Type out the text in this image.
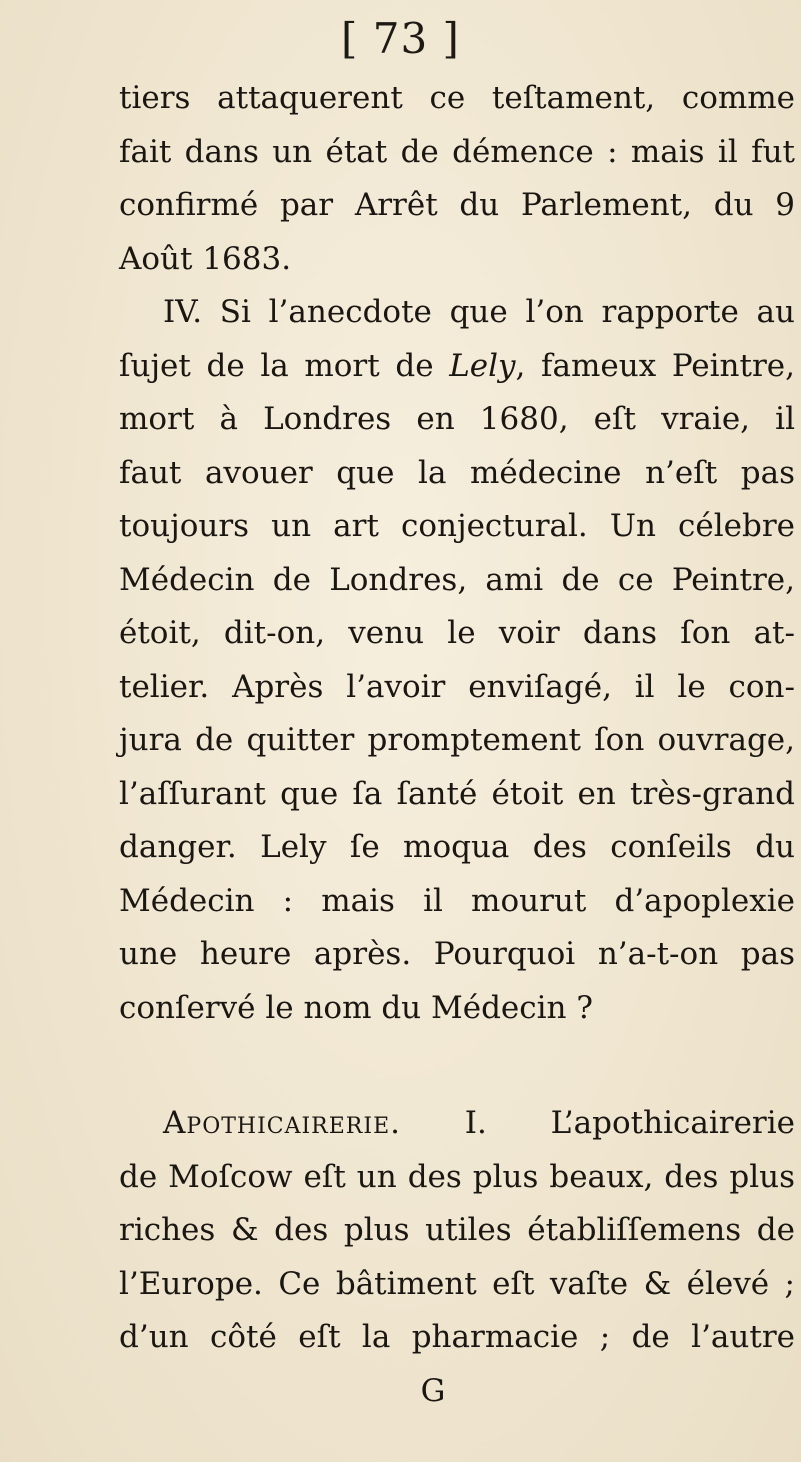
[ 73 ]
tiers attaquerent ce teſtament, comme
fait dans un état de démence : mais il fut
confirmé par Arrêt du Parlement, du 9
Août 1683.
IV. Si l’anecdote que l’on rapporte au
ſujet de la mort de Lely, fameux Peintre,
mort à Londres en 1680, eſt vraie, il
faut avouer que la médecine n’eſt pas
toujours un art conjectural. Un célebre
Médecin de Londres, ami de ce Peintre,
étoit, dit-on, venu le voir dans ſon at-
telier. Après l’avoir enviſagé, il le con-
jura de quitter promptement ſon ouvrage,
l’aſſurant que ſa ſanté étoit en très-grand
danger. Lely ſe moqua des conſeils du
Médecin : mais il mourut d’apoplexie
une heure après. Pourquoi n’a-t-on pas
conſervé le nom du Médecin ?
Apothicairerie. I. L’apothicairerie
de Moſcow eſt un des plus beaux, des plus
riches & des plus utiles établiſſemens de
l’Europe. Ce bâtiment eſt vaſte & élevé ;
d’un côté eſt la pharmacie ; de l’autre
G
